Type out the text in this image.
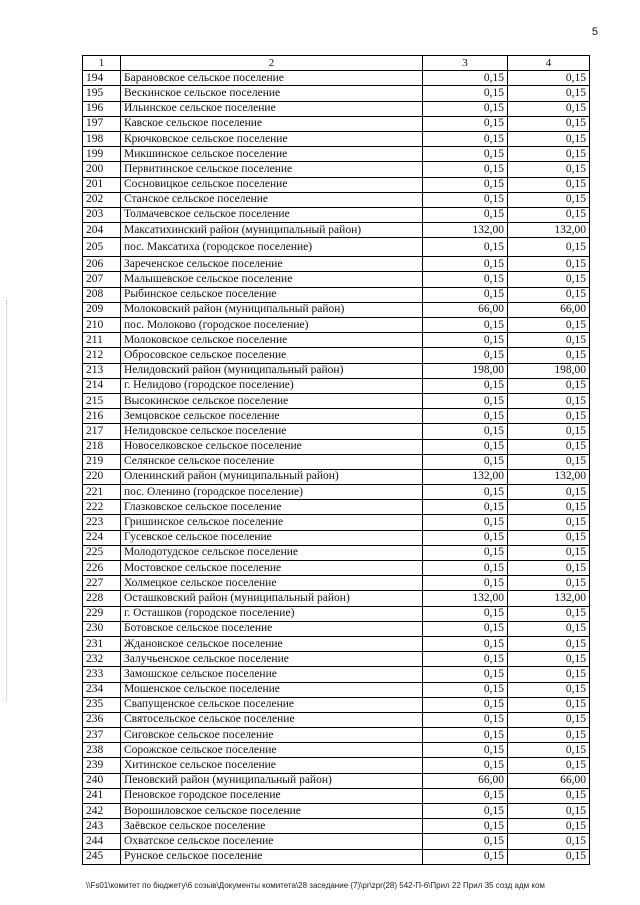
5
1	2	3	4
194	Барановское сельское поселение	0,15	0,15
195	Вескинское сельское поселение	0,15	0,15
196	Ильинское сельское поселение	0,15	0,15
197	Кавское сельское поселение	0,15	0,15
198	Крючковское сельское поселение	0,15	0,15
199	Микшинское сельское поселение	0,15	0,15
200	Первитинское сельское поселение	0,15	0,15
201	Сосновицкое сельское поселение	0,15	0,15
202	Станское сельское поселение	0,15	0,15
203	Толмачевское сельское поселение	0,15	0,15
204	Максатихинский район (муниципальный район)	132,00	132,00
205	пос. Максатиха (городское поселение)	0,15	0,15
206	Зареченское сельское поселение	0,15	0,15
207	Малышевское сельское поселение	0,15	0,15
208	Рыбинское сельское поселение	0,15	0,15
209	Молоковский район (муниципальный район)	66,00	66,00
210	пос. Молоково (городское поселение)	0,15	0,15
211	Молоковское сельское поселение	0,15	0,15
212	Обросовское сельское поселение	0,15	0,15
213	Нелидовский район (муниципальный район)	198,00	198,00
214	г. Нелидово (городское поселение)	0,15	0,15
215	Высокинское сельское поселение	0,15	0,15
216	Земцовское сельское поселение	0,15	0,15
217	Нелидовское сельское поселение	0,15	0,15
218	Новоселковское сельское поселение	0,15	0,15
219	Селянское сельское поселение	0,15	0,15
220	Оленинский район (муниципальный район)	132,00	132,00
221	пос. Оленино (городское поселение)	0,15	0,15
222	Глазковское сельское поселение	0,15	0,15
223	Гришинское сельское поселение	0,15	0,15
224	Гусевское сельское поселение	0,15	0,15
225	Молодотудское сельское поселение	0,15	0,15
226	Мостовское сельское поселение	0,15	0,15
227	Холмецкое сельское поселение	0,15	0,15
228	Осташковский район (муниципальный район)	132,00	132,00
229	г. Осташков (городское поселение)	0,15	0,15
230	Ботовское сельское поселение	0,15	0,15
231	Ждановское сельское поселение	0,15	0,15
232	Залучьенское сельское поселение	0,15	0,15
233	Замошское сельское поселение	0,15	0,15
234	Мошенское сельское поселение	0,15	0,15
235	Свапущенское сельское поселение	0,15	0,15
236	Святосельское сельское поселение	0,15	0,15
237	Сиговское сельское поселение	0,15	0,15
238	Сорожское сельское поселение	0,15	0,15
239	Хитинское сельское поселение	0,15	0,15
240	Пеновский район (муниципальный район)	66,00	66,00
241	Пеновское городское поселение	0,15	0,15
242	Ворошиловское сельское поселение	0,15	0,15
243	Заёвское сельское поселение	0,15	0,15
244	Охватское сельское поселение	0,15	0,15
245	Рунское сельское поселение	0,15	0,15
\\Fs01\комитет по бюджету\6 созыв\Документы комитета\28 заседание (7)\pr\zpr(28) 542-П-6\Прил 22 Прил 35 созд адм ком
